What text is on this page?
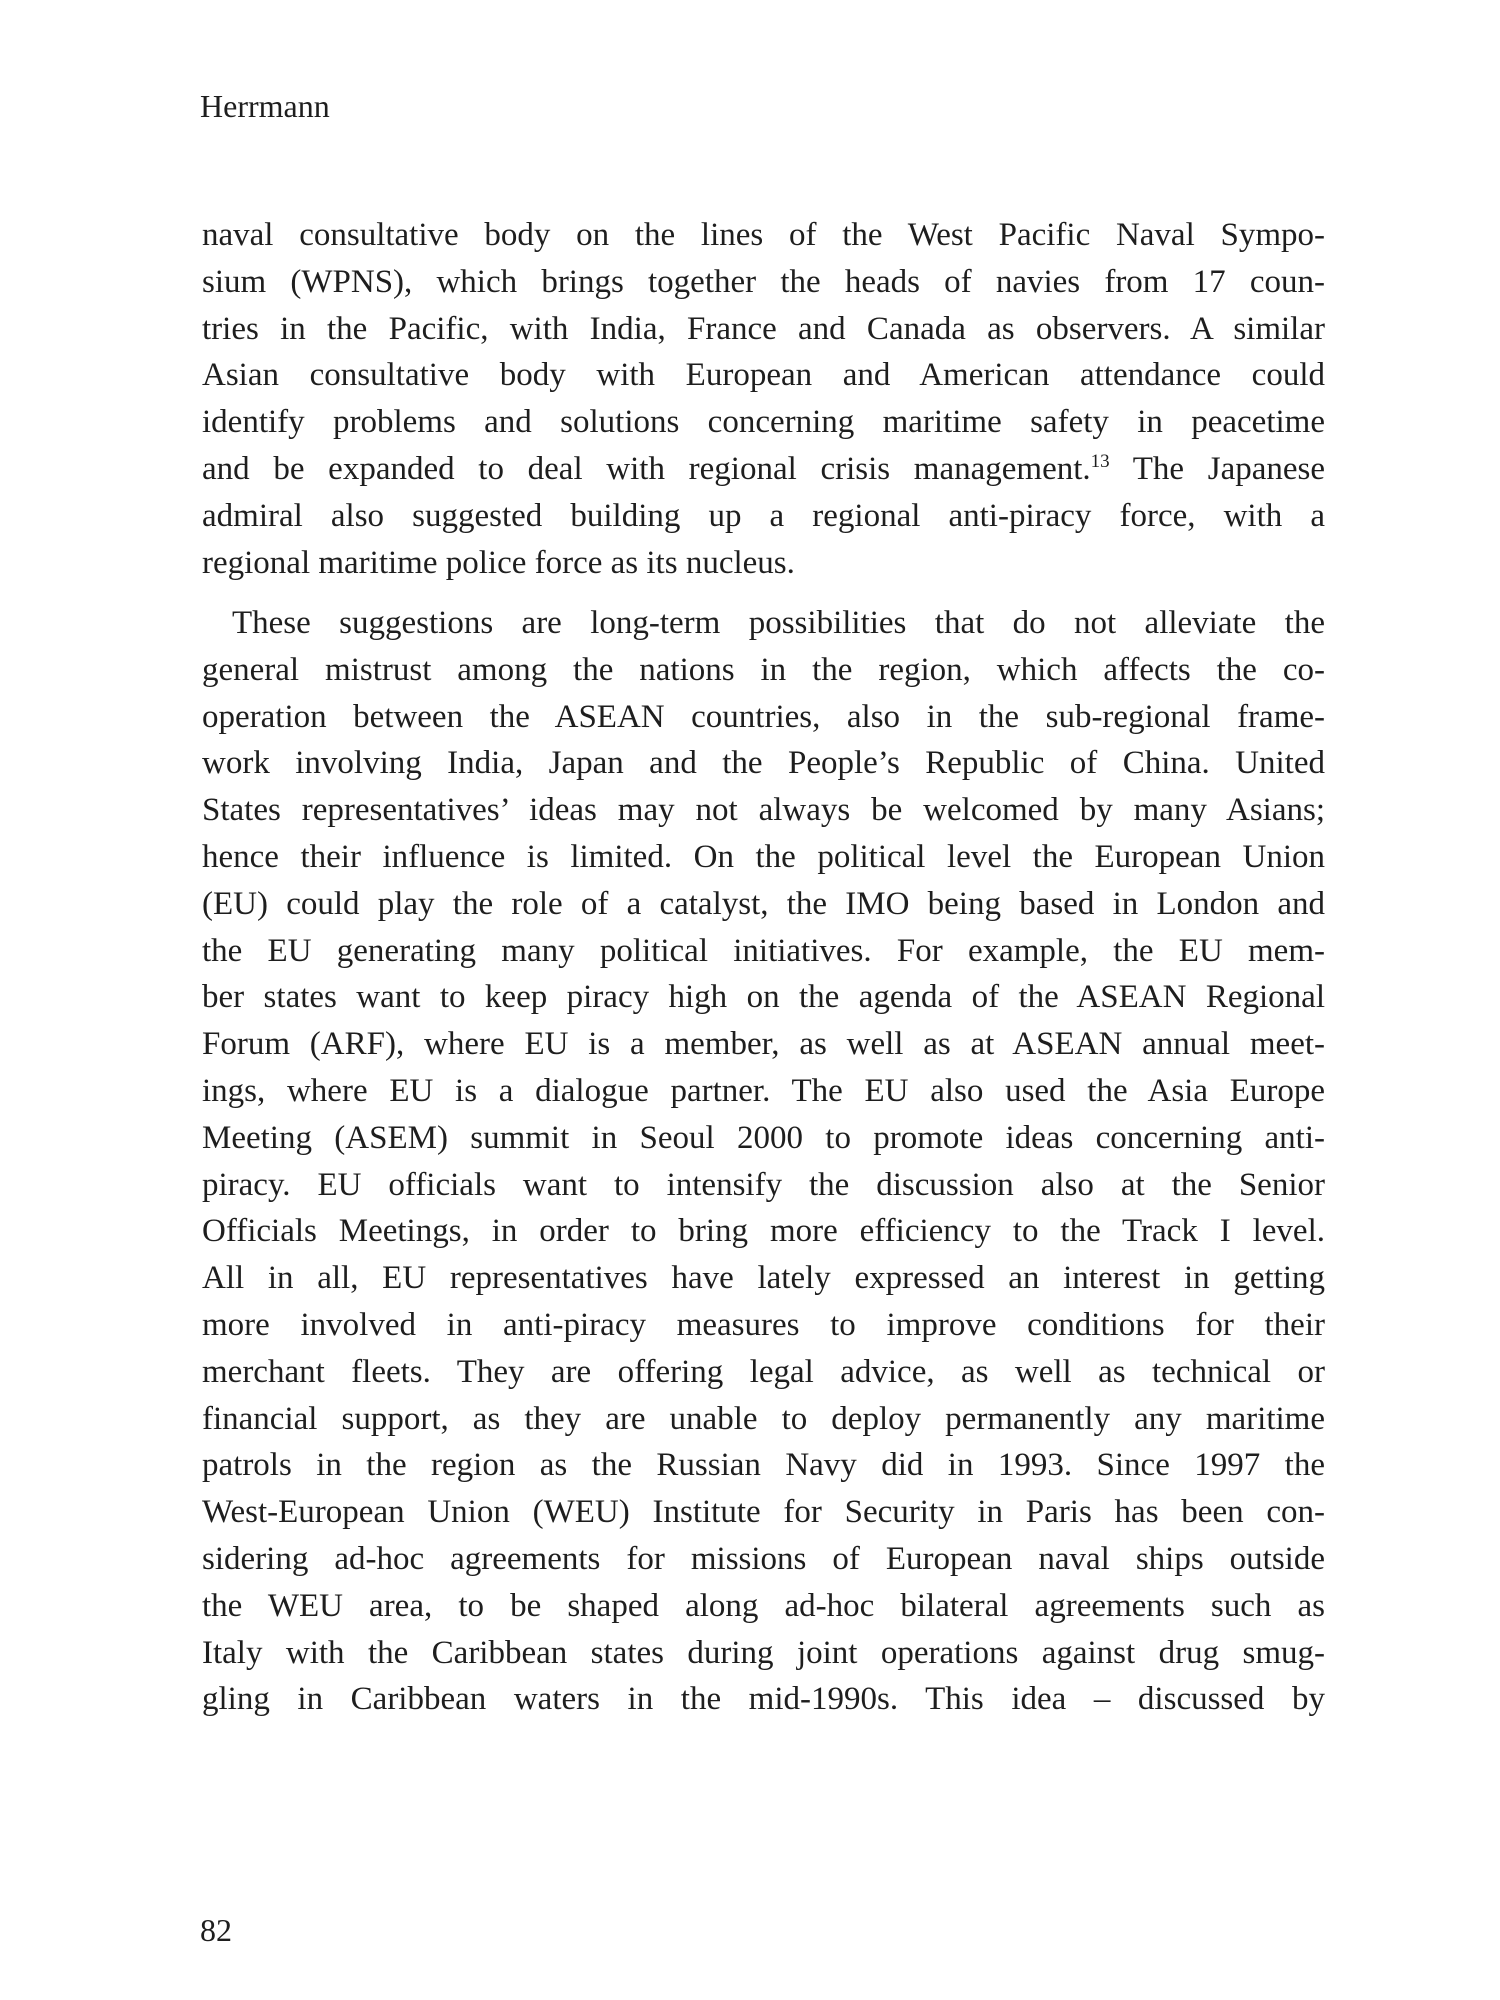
Herrmann
naval consultative body on the lines of the West Pacific Naval Sympo-
sium (WPNS), which brings together the heads of navies from 17 coun-
tries in the Pacific, with India, France and Canada as observers. A similar
Asian consultative body with European and American attendance could
identify problems and solutions concerning maritime safety in peacetime
and be expanded to deal with regional crisis management.$^{13}$ The Japanese
admiral also suggested building up a regional anti-piracy force, with a
regional maritime police force as its nucleus.
These suggestions are long-term possibilities that do not alleviate the
general mistrust among the nations in the region, which affects the co-
operation between the ASEAN countries, also in the sub-regional frame-
work involving India, Japan and the People’s Republic of China. United
States representatives’ ideas may not always be welcomed by many Asians;
hence their influence is limited. On the political level the European Union
(EU) could play the role of a catalyst, the IMO being based in London and
the EU generating many political initiatives. For example, the EU mem-
ber states want to keep piracy high on the agenda of the ASEAN Regional
Forum (ARF), where EU is a member, as well as at ASEAN annual meet-
ings, where EU is a dialogue partner. The EU also used the Asia Europe
Meeting (ASEM) summit in Seoul 2000 to promote ideas concerning anti-
piracy. EU officials want to intensify the discussion also at the Senior
Officials Meetings, in order to bring more efficiency to the Track I level.
All in all, EU representatives have lately expressed an interest in getting
more involved in anti-piracy measures to improve conditions for their
merchant fleets. They are offering legal advice, as well as technical or
financial support, as they are unable to deploy permanently any maritime
patrols in the region as the Russian Navy did in 1993. Since 1997 the
West-European Union (WEU) Institute for Security in Paris has been con-
sidering ad-hoc agreements for missions of European naval ships outside
the WEU area, to be shaped along ad-hoc bilateral agreements such as
Italy with the Caribbean states during joint operations against drug smug-
gling in Caribbean waters in the mid-1990s. This idea – discussed by
82
